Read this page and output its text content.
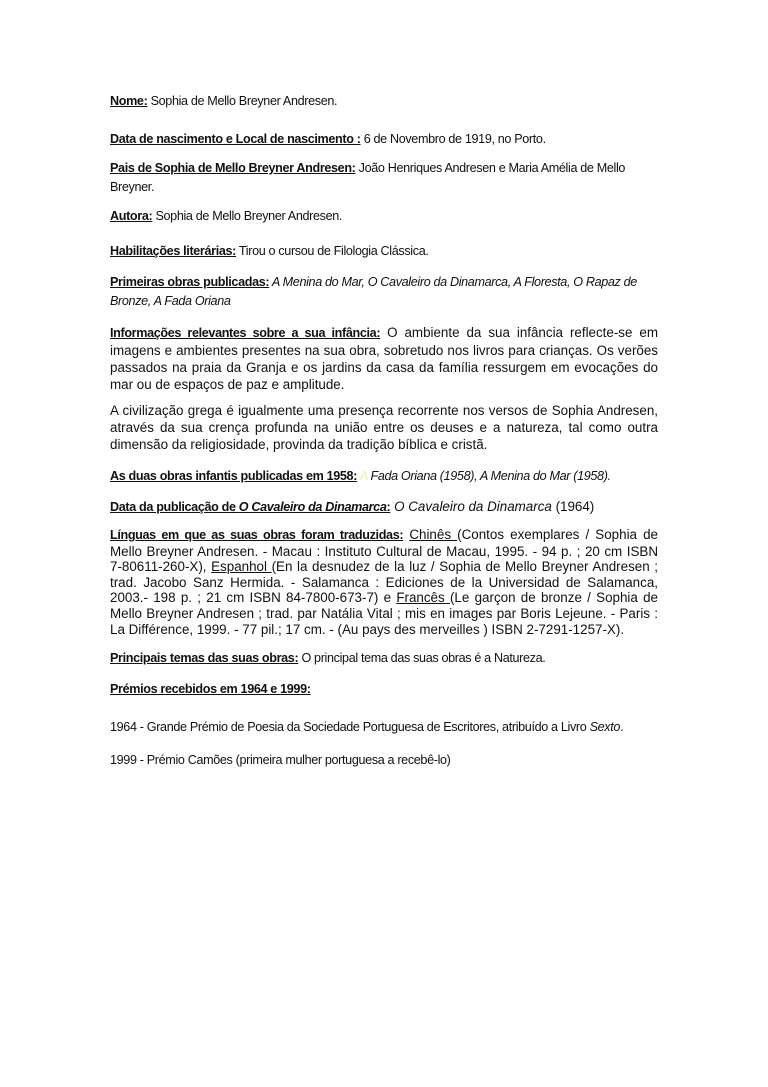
Nome: Sophia de Mello Breyner Andresen.

Data de nascimento e Local de nascimento : 6 de Novembro de 1919, no Porto.

Pais de Sophia de Mello Breyner Andresen: João Henriques Andresen e Maria Amélia de Mello Breyner.

Autora: Sophia de Mello Breyner Andresen.

Habilitações literárias: Tirou o cursou de Filologia Clássica.

Primeiras obras publicadas: A Menina do Mar, O Cavaleiro da Dinamarca, A Floresta, O Rapaz de Bronze, A Fada Oriana

Informações relevantes sobre a sua infância: O ambiente da sua infância reflecte-se em imagens e ambientes presentes na sua obra, sobretudo nos livros para crianças. Os verões passados na praia da Granja e os jardins da casa da família ressurgem em evocações do mar ou de espaços de paz e amplitude.

A civilização grega é igualmente uma presença recorrente nos versos de Sophia Andresen, através da sua crença profunda na união entre os deuses e a natureza, tal como outra dimensão da religiosidade, provinda da tradição bíblica e cristã.

As duas obras infantis publicadas em 1958: A Fada Oriana (1958), A Menina do Mar (1958).

Data da publicação de O Cavaleiro da Dinamarca: O Cavaleiro da Dinamarca (1964)

Línguas em que as suas obras foram traduzidas: Chinês (Contos exemplares / Sophia de Mello Breyner Andresen. - Macau : Instituto Cultural de Macau, 1995. - 94 p. ; 20 cm ISBN 7-80611-260-X), Espanhol (En la desnudez de la luz / Sophia de Mello Breyner Andresen ; trad. Jacobo Sanz Hermida. - Salamanca : Ediciones de la Universidad de Salamanca, 2003.- 198 p. ; 21 cm ISBN 84-7800-673-7) e Francês (Le garçon de bronze / Sophia de Mello Breyner Andresen ; trad. par Natália Vital ; mis en images par Boris Lejeune. - Paris : La Différence, 1999. - 77 pil.; 17 cm. - (Au pays des merveilles ) ISBN 2-7291-1257-X).

Principais temas das suas obras: O principal tema das suas obras é a Natureza.

Prémios recebidos em 1964 e 1999:

1964 - Grande Prémio de Poesia da Sociedade Portuguesa de Escritores, atribuído a Livro Sexto.

1999 - Prémio Camões (primeira mulher portuguesa a recebê-lo)
